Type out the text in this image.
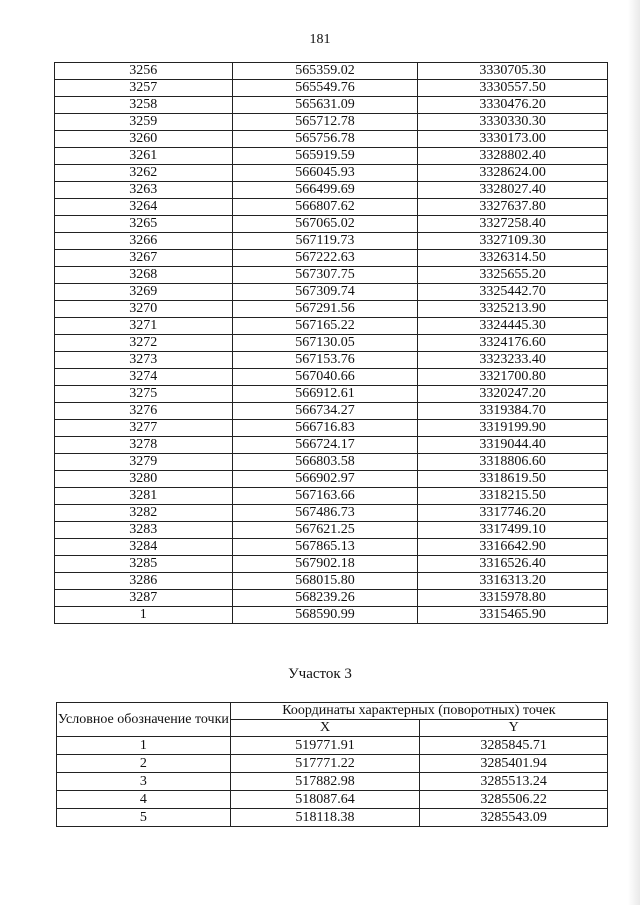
181
3256	565359.02	3330705.30
3257	565549.76	3330557.50
3258	565631.09	3330476.20
3259	565712.78	3330330.30
3260	565756.78	3330173.00
3261	565919.59	3328802.40
3262	566045.93	3328624.00
3263	566499.69	3328027.40
3264	566807.62	3327637.80
3265	567065.02	3327258.40
3266	567119.73	3327109.30
3267	567222.63	3326314.50
3268	567307.75	3325655.20
3269	567309.74	3325442.70
3270	567291.56	3325213.90
3271	567165.22	3324445.30
3272	567130.05	3324176.60
3273	567153.76	3323233.40
3274	567040.66	3321700.80
3275	566912.61	3320247.20
3276	566734.27	3319384.70
3277	566716.83	3319199.90
3278	566724.17	3319044.40
3279	566803.58	3318806.60
3280	566902.97	3318619.50
3281	567163.66	3318215.50
3282	567486.73	3317746.20
3283	567621.25	3317499.10
3284	567865.13	3316642.90
3285	567902.18	3316526.40
3286	568015.80	3316313.20
3287	568239.26	3315978.80
1	568590.99	3315465.90
Участок 3
Условное обозначение точки	Координаты характерных (поворотных) точек	
	X	Y
1	519771.91	3285845.71
2	517771.22	3285401.94
3	517882.98	3285513.24
4	518087.64	3285506.22
5	518118.38	3285543.09
